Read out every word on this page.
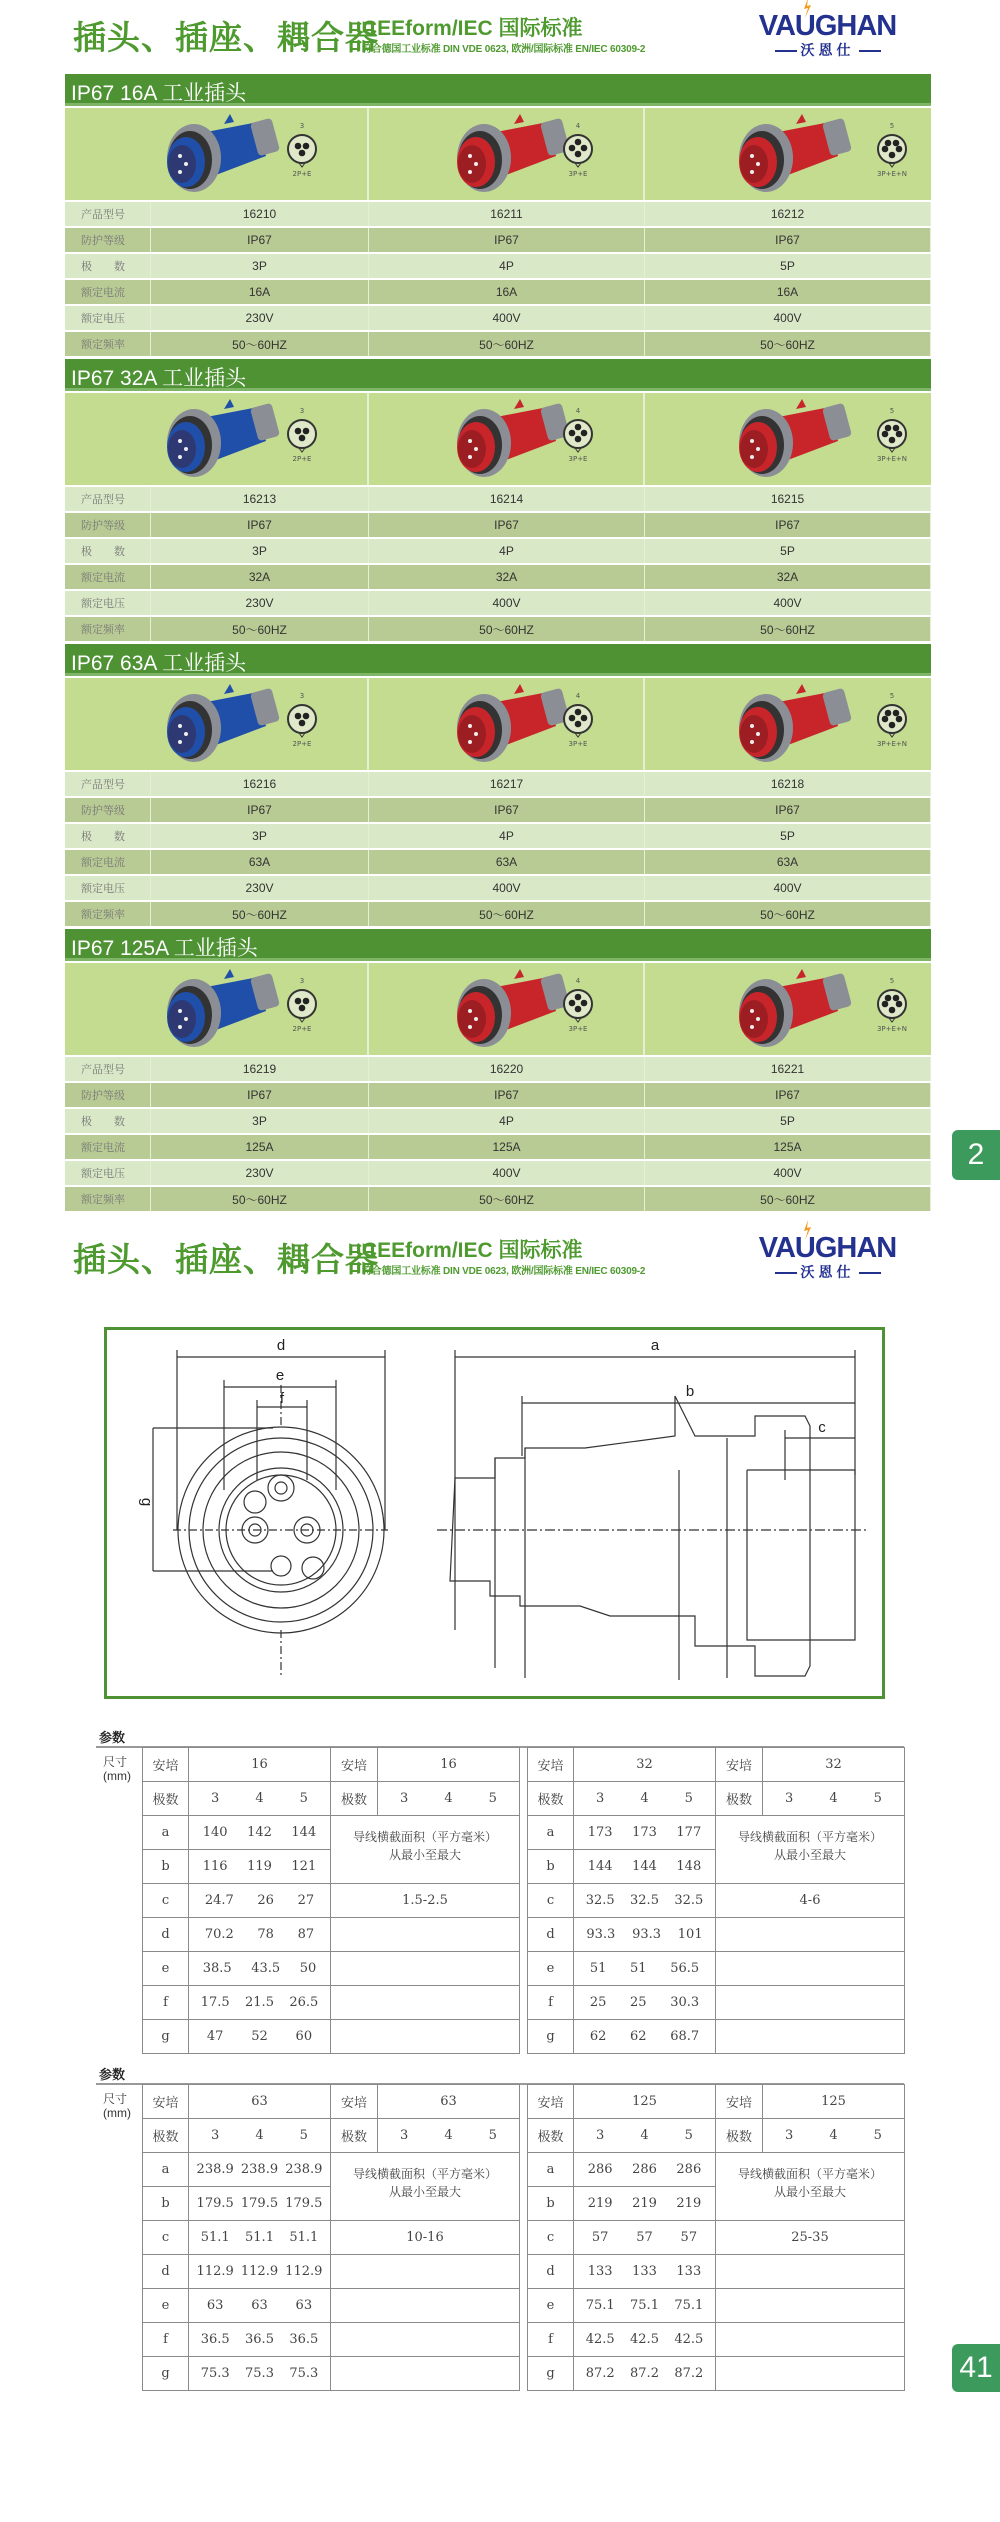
插头、插座、耦合器
CEEform/IEC 国际标准
符合德国工业标准 DIN VDE 0623, 欧洲/国际标准 EN/IEC 60309-2
VAUGHAN
沃恩仕
IP67 16A 工业插头
3
2P+E
4
3P+E
5
3P+E+N
产品型号	16210	16211	16212
防护等级	IP67	IP67	IP67
极　　数	3P	4P	5P
额定电流	16A	16A	16A
额定电压	230V	400V	400V
额定频率	50～60HZ	50～60HZ	50～60HZ
IP67 32A 工业插头
3
2P+E
4
3P+E
5
3P+E+N
产品型号	16213	16214	16215
防护等级	IP67	IP67	IP67
极　　数	3P	4P	5P
额定电流	32A	32A	32A
额定电压	230V	400V	400V
额定频率	50～60HZ	50～60HZ	50～60HZ
IP67 63A 工业插头
3
2P+E
4
3P+E
5
3P+E+N
产品型号	16216	16217	16218
防护等级	IP67	IP67	IP67
极　　数	3P	4P	5P
额定电流	63A	63A	63A
额定电压	230V	400V	400V
额定频率	50～60HZ	50～60HZ	50～60HZ
IP67 125A 工业插头
3
2P+E
4
3P+E
5
3P+E+N
产品型号	16219	16220	16221
防护等级	IP67	IP67	IP67
极　　数	3P	4P	5P
额定电流	125A	125A	125A
额定电压	230V	400V	400V
额定频率	50～60HZ	50～60HZ	50～60HZ
2
插头、插座、耦合器
CEEform/IEC 国际标准
符合德国工业标准 DIN VDE 0623, 欧洲/国际标准 EN/IEC 60309-2
VAUGHAN
沃恩仕
d
e
f
g
a
b
c
参数
尺寸
(mm)
安培	16	安培	16
极数	3 4 5	极数	3 4 5

a	140 142 144	导线横截面积（平方毫米）
从最小至最大	
b	116 119 121		

c	24.7 26 27	1.5-2.5	
d	70.2 78 87		

e	38.5 43.5 50		

f	17.5 21.5 26.5		

g	47 52 60		

安培	32	安培	32
极数	3 4 5	极数	3 4 5

a	173 173 177	导线横截面积（平方毫米）
从最小至最大	
b	144 144 148		

c	32.5 32.5 32.5	4-6	
d	93.3 93.3 101		

e	51 51 56.5		

f	25 25 30.3		

g	62 62 68.7		

参数
尺寸
(mm)
安培	63	安培	63
极数	3 4 5	极数	3 4 5

a	238.9 238.9 238.9	导线横截面积（平方毫米）
从最小至最大	
b	179.5 179.5 179.5		

c	51.1 51.1 51.1	10-16	
d	112.9 112.9 112.9		

e	63 63 63		

f	36.5 36.5 36.5		

g	75.3 75.3 75.3		

安培	125	安培	125
极数	3 4 5	极数	3 4 5

a	286 286 286	导线横截面积（平方毫米）
从最小至最大	
b	219 219 219		

c	57 57 57	25-35	
d	133 133 133		

e	75.1 75.1 75.1		

f	42.5 42.5 42.5		

g	87.2 87.2 87.2		
		41
